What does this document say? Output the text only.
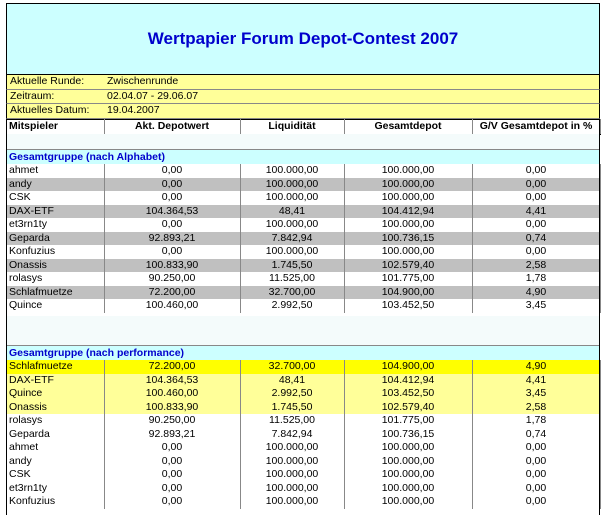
Wertpapier Forum Depot-Contest 2007
Aktuelle Runde: Zwischenrunde
Zeitraum:	02.04.07 - 29.06.07
Aktuelles Datum: 19.04.2007
Mitspieler	Akt. Depotwert	Liquidität	Gesamtdepot	G/V Gesamtdepot in %
Gesamtgruppe (nach Alphabet)
ahmet	0,00	100.000,00	100.000,00	0,00
andy	0,00	100.000,00	100.000,00	0,00
CSK	0,00	100.000,00	100.000,00	0,00
DAX-ETF	104.364,53	48,41	104.412,94	4,41
et3rn1ty	0,00	100.000,00	100.000,00	0,00
Geparda	92.893,21	7.842,94	100.736,15	0,74
Konfuzius	0,00	100.000,00	100.000,00	0,00
Onassis	100.833,90	1.745,50	102.579,40	2,58
rolasys	90.250,00	11.525,00	101.775,00	1,78
Schlafmuetze	72.200,00	32.700,00	104.900,00	4,90
Quince	100.460,00	2.992,50	103.452,50	3,45
Gesamtgruppe (nach performance)
Schlafmuetze	72.200,00	32.700,00	104.900,00	4,90
DAX-ETF	104.364,53	48,41	104.412,94	4,41
Quince	100.460,00	2.992,50	103.452,50	3,45
Onassis	100.833,90	1.745,50	102.579,40	2,58
rolasys	90.250,00	11.525,00	101.775,00	1,78
Geparda	92.893,21	7.842,94	100.736,15	0,74
ahmet	0,00	100.000,00	100.000,00	0,00
andy	0,00	100.000,00	100.000,00	0,00
CSK	0,00	100.000,00	100.000,00	0,00
et3rn1ty	0,00	100.000,00	100.000,00	0,00
Konfuzius	0,00	100.000,00	100.000,00	0,00
